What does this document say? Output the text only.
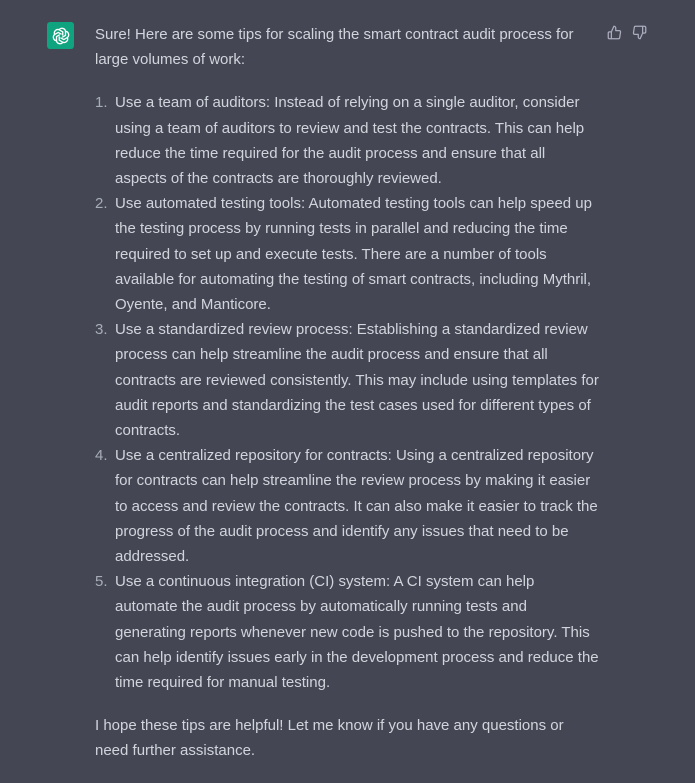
Sure! Here are some tips for scaling the smart contract audit process for large volumes of work:

1. Use a team of auditors: Instead of relying on a single auditor, consider using a team of auditors to review and test the contracts. This can help reduce the time required for the audit process and ensure that all aspects of the contracts are thoroughly reviewed.
2. Use automated testing tools: Automated testing tools can help speed up the testing process by running tests in parallel and reducing the time required to set up and execute tests. There are a number of tools available for automating the testing of smart contracts, including Mythril, Oyente, and Manticore.
3. Use a standardized review process: Establishing a standardized review process can help streamline the audit process and ensure that all contracts are reviewed consistently. This may include using templates for audit reports and standardizing the test cases used for different types of contracts.
4. Use a centralized repository for contracts: Using a centralized repository for contracts can help streamline the review process by making it easier to access and review the contracts. It can also make it easier to track the progress of the audit process and identify any issues that need to be addressed.
5. Use a continuous integration (CI) system: A CI system can help automate the audit process by automatically running tests and generating reports whenever new code is pushed to the repository. This can help identify issues early in the development process and reduce the time required for manual testing.

I hope these tips are helpful! Let me know if you have any questions or need further assistance.
